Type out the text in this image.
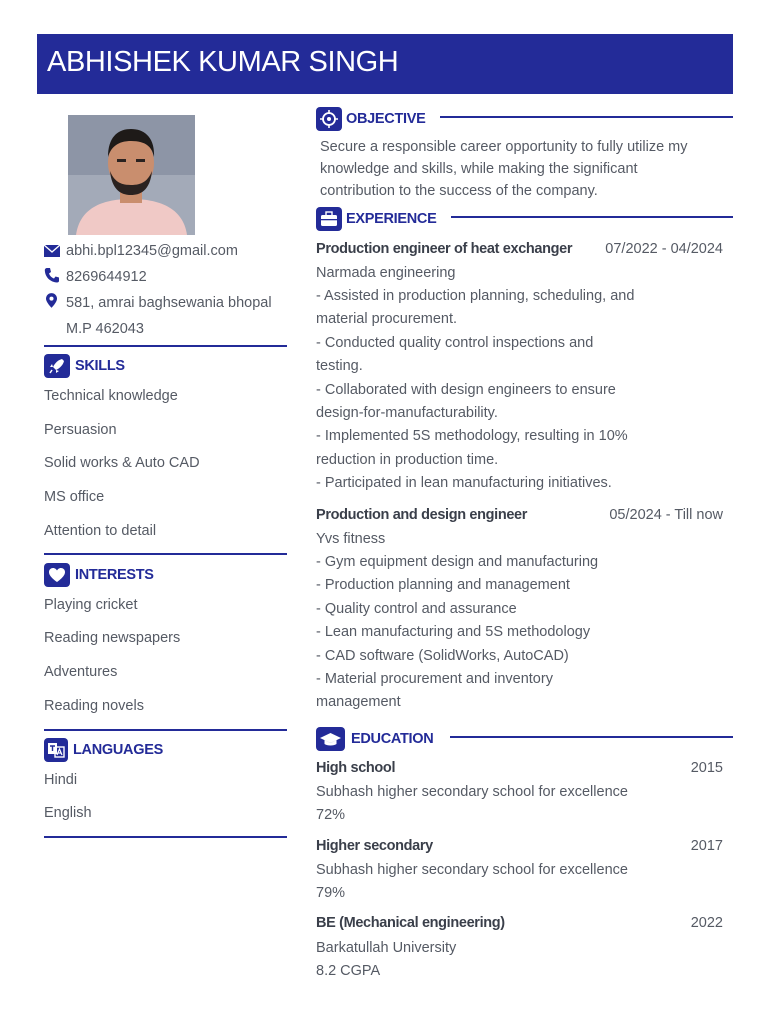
ABHISHEK KUMAR SINGH
abhi.bpl12345@gmail.com
8269644912
581, amrai baghsewania bhopal
M.P 462043
SKILLS
Technical knowledge
Persuasion
Solid works & Auto CAD
MS office
Attention to detail
INTERESTS
Playing cricket
Reading newspapers
Adventures
Reading novels
LANGUAGES
Hindi
English
OBJECTIVE
Secure a responsible career opportunity to fully utilize my
knowledge and skills, while making the significant
contribution to the success of the company.
EXPERIENCE
Production engineer of heat exchanger 07/2022 - 04/2024
Narmada engineering
- Assisted in production planning, scheduling, and
material procurement.
- Conducted quality control inspections and
testing.
- Collaborated with design engineers to ensure
design-for-manufacturability.
- Implemented 5S methodology, resulting in 10%
reduction in production time.
- Participated in lean manufacturing initiatives.
Production and design engineer	05/2024 - Till now
Yvs fitness
- Gym equipment design and manufacturing
- Production planning and management
- Quality control and assurance
- Lean manufacturing and 5S methodology
- CAD software (SolidWorks, AutoCAD)
- Material procurement and inventory
management
EDUCATION
High school	2015
Subhash higher secondary school for excellence
72%
Higher secondary	2017
Subhash higher secondary school for excellence
79%
BE (Mechanical engineering)	2022
Barkatullah University
8.2 CGPA
